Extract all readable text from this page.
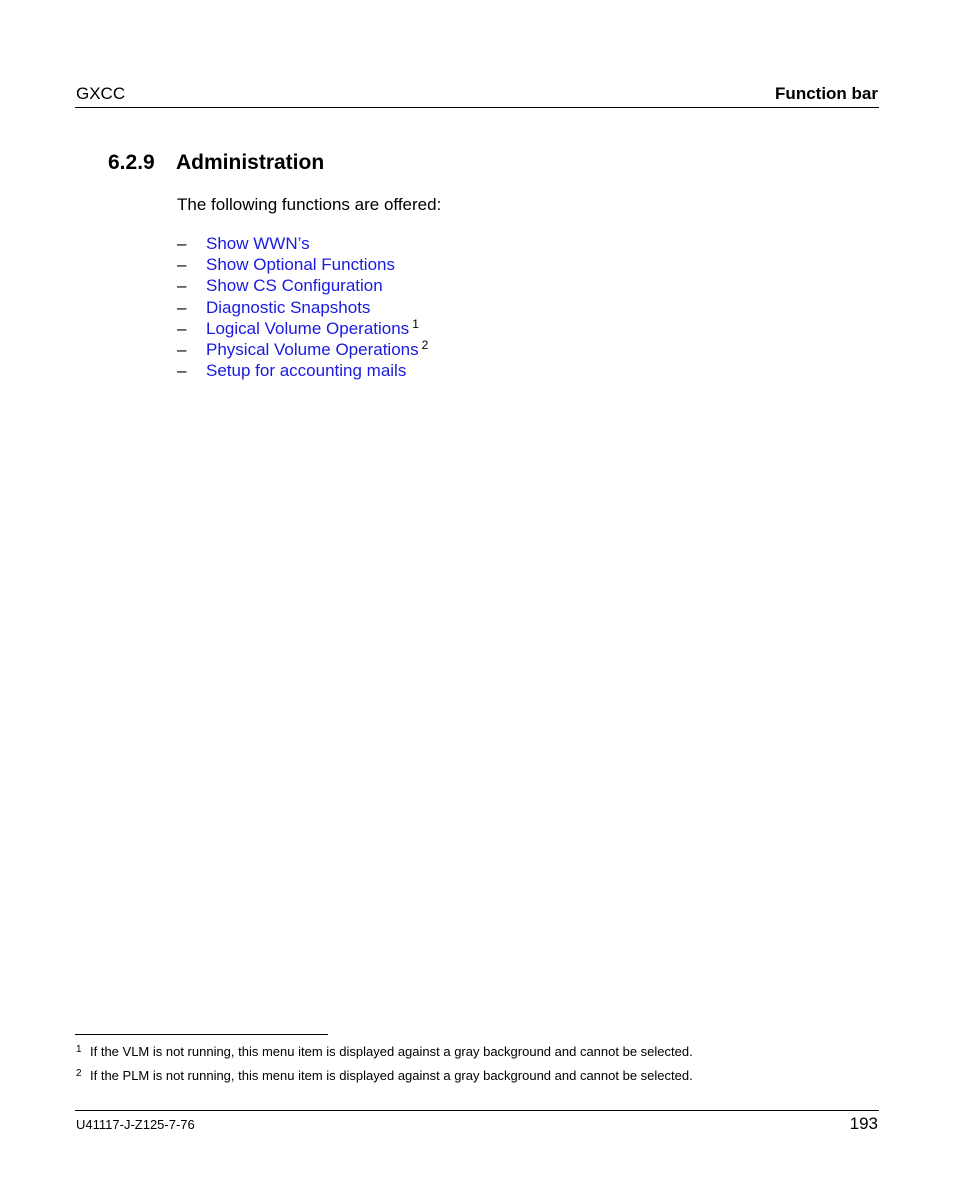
GXCC	Function bar
6.2.9 Administration
The following functions are offered:
– Show WWN’s
– Show Optional Functions
– Show CS Configuration
– Diagnostic Snapshots
– Logical Volume Operations $^1$
– Physical Volume Operations $^2$
– Setup for accounting mails
1 If the VLM is not running, this menu item is displayed against a gray background and cannot be selected.
2 If the PLM is not running, this menu item is displayed against a gray background and cannot be selected.
U41117-J-Z125-7-76	193
